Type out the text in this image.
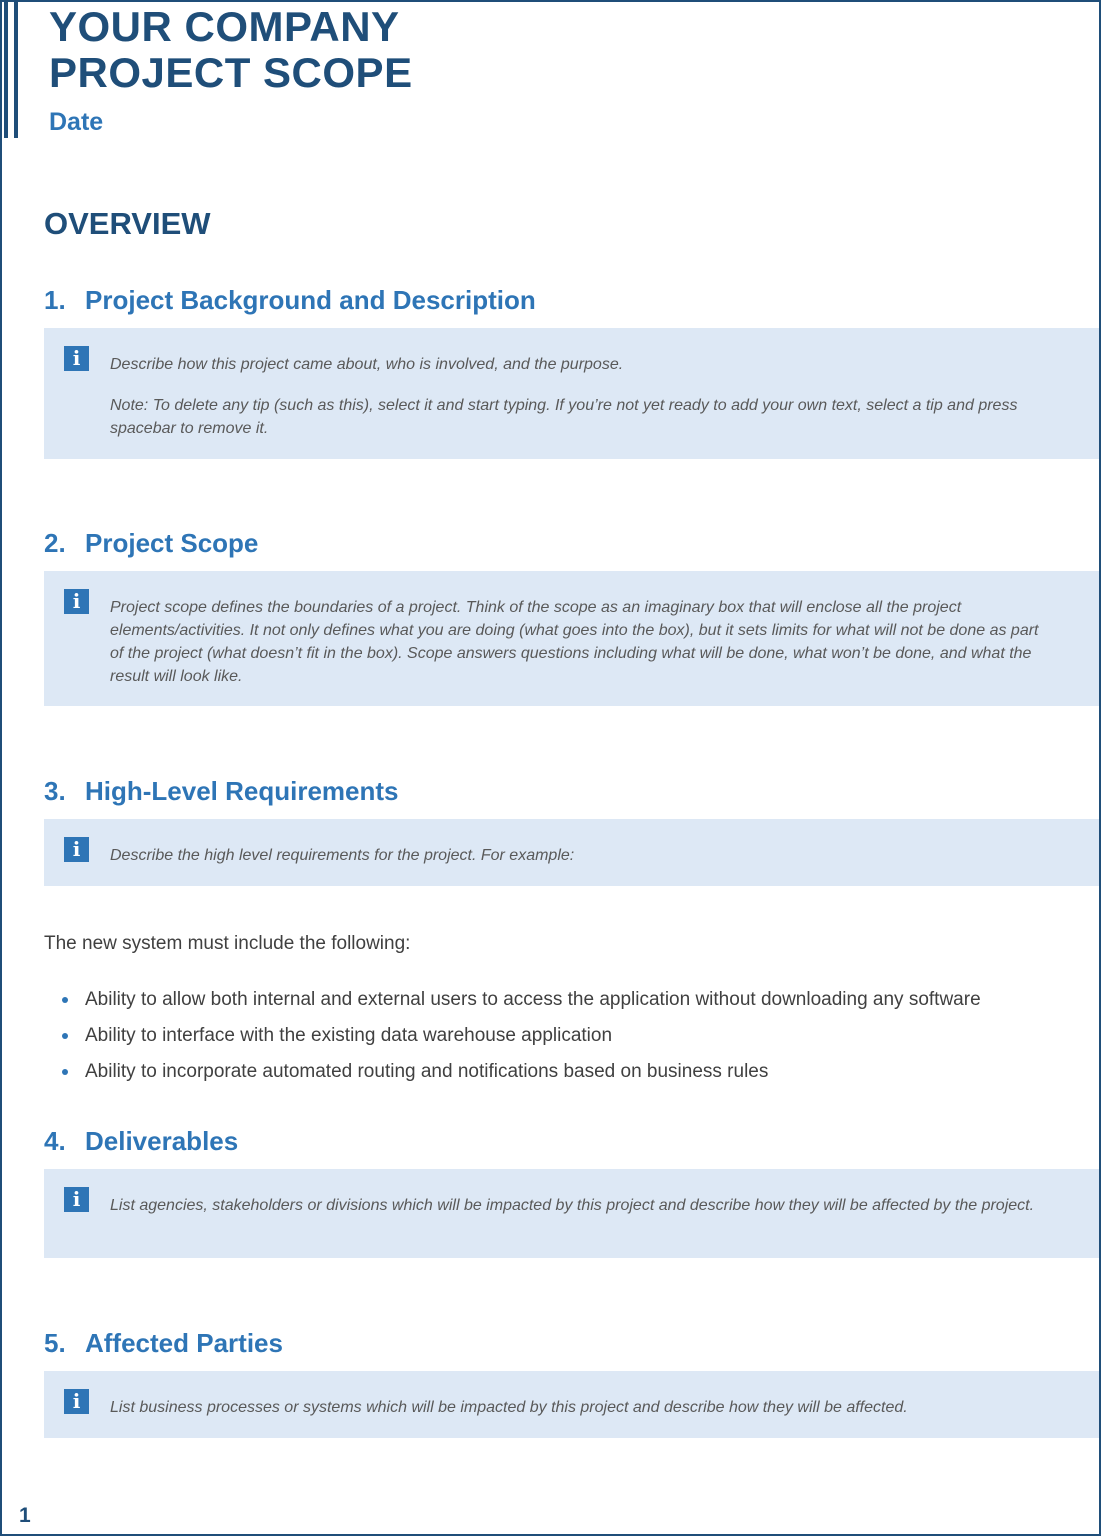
YOUR COMPANY
PROJECT SCOPE
Date
OVERVIEW
1. Project Background and Description
i	Describe how this project came about, who is involved, and the purpose.

Note: To delete any tip (such as this), select it and start typing. If you’re not yet ready to add your own text, select a tip and press spacebar to remove it.

2. Project Scope
i	Project scope defines the boundaries of a project. Think of the scope as an imaginary box that will enclose all the project elements/activities. It not only defines what you are doing (what goes into the box), but it sets limits for what will not be done as part of the project (what doesn’t fit in the box). Scope answers questions including what will be done, what won’t be done, and what the result will look like.

3. High-Level Requirements
i	Describe the high level requirements for the project. For example:

The new system must include the following:
Ability to allow both internal and external users to access the application without downloading any software
Ability to interface with the existing data warehouse application
Ability to incorporate automated routing and notifications based on business rules
4. Deliverables
i	List agencies, stakeholders or divisions which will be impacted by this project and describe how they will be affected by the project.

5. Affected Parties
i	List business processes or systems which will be impacted by this project and describe how they will be affected.

1
